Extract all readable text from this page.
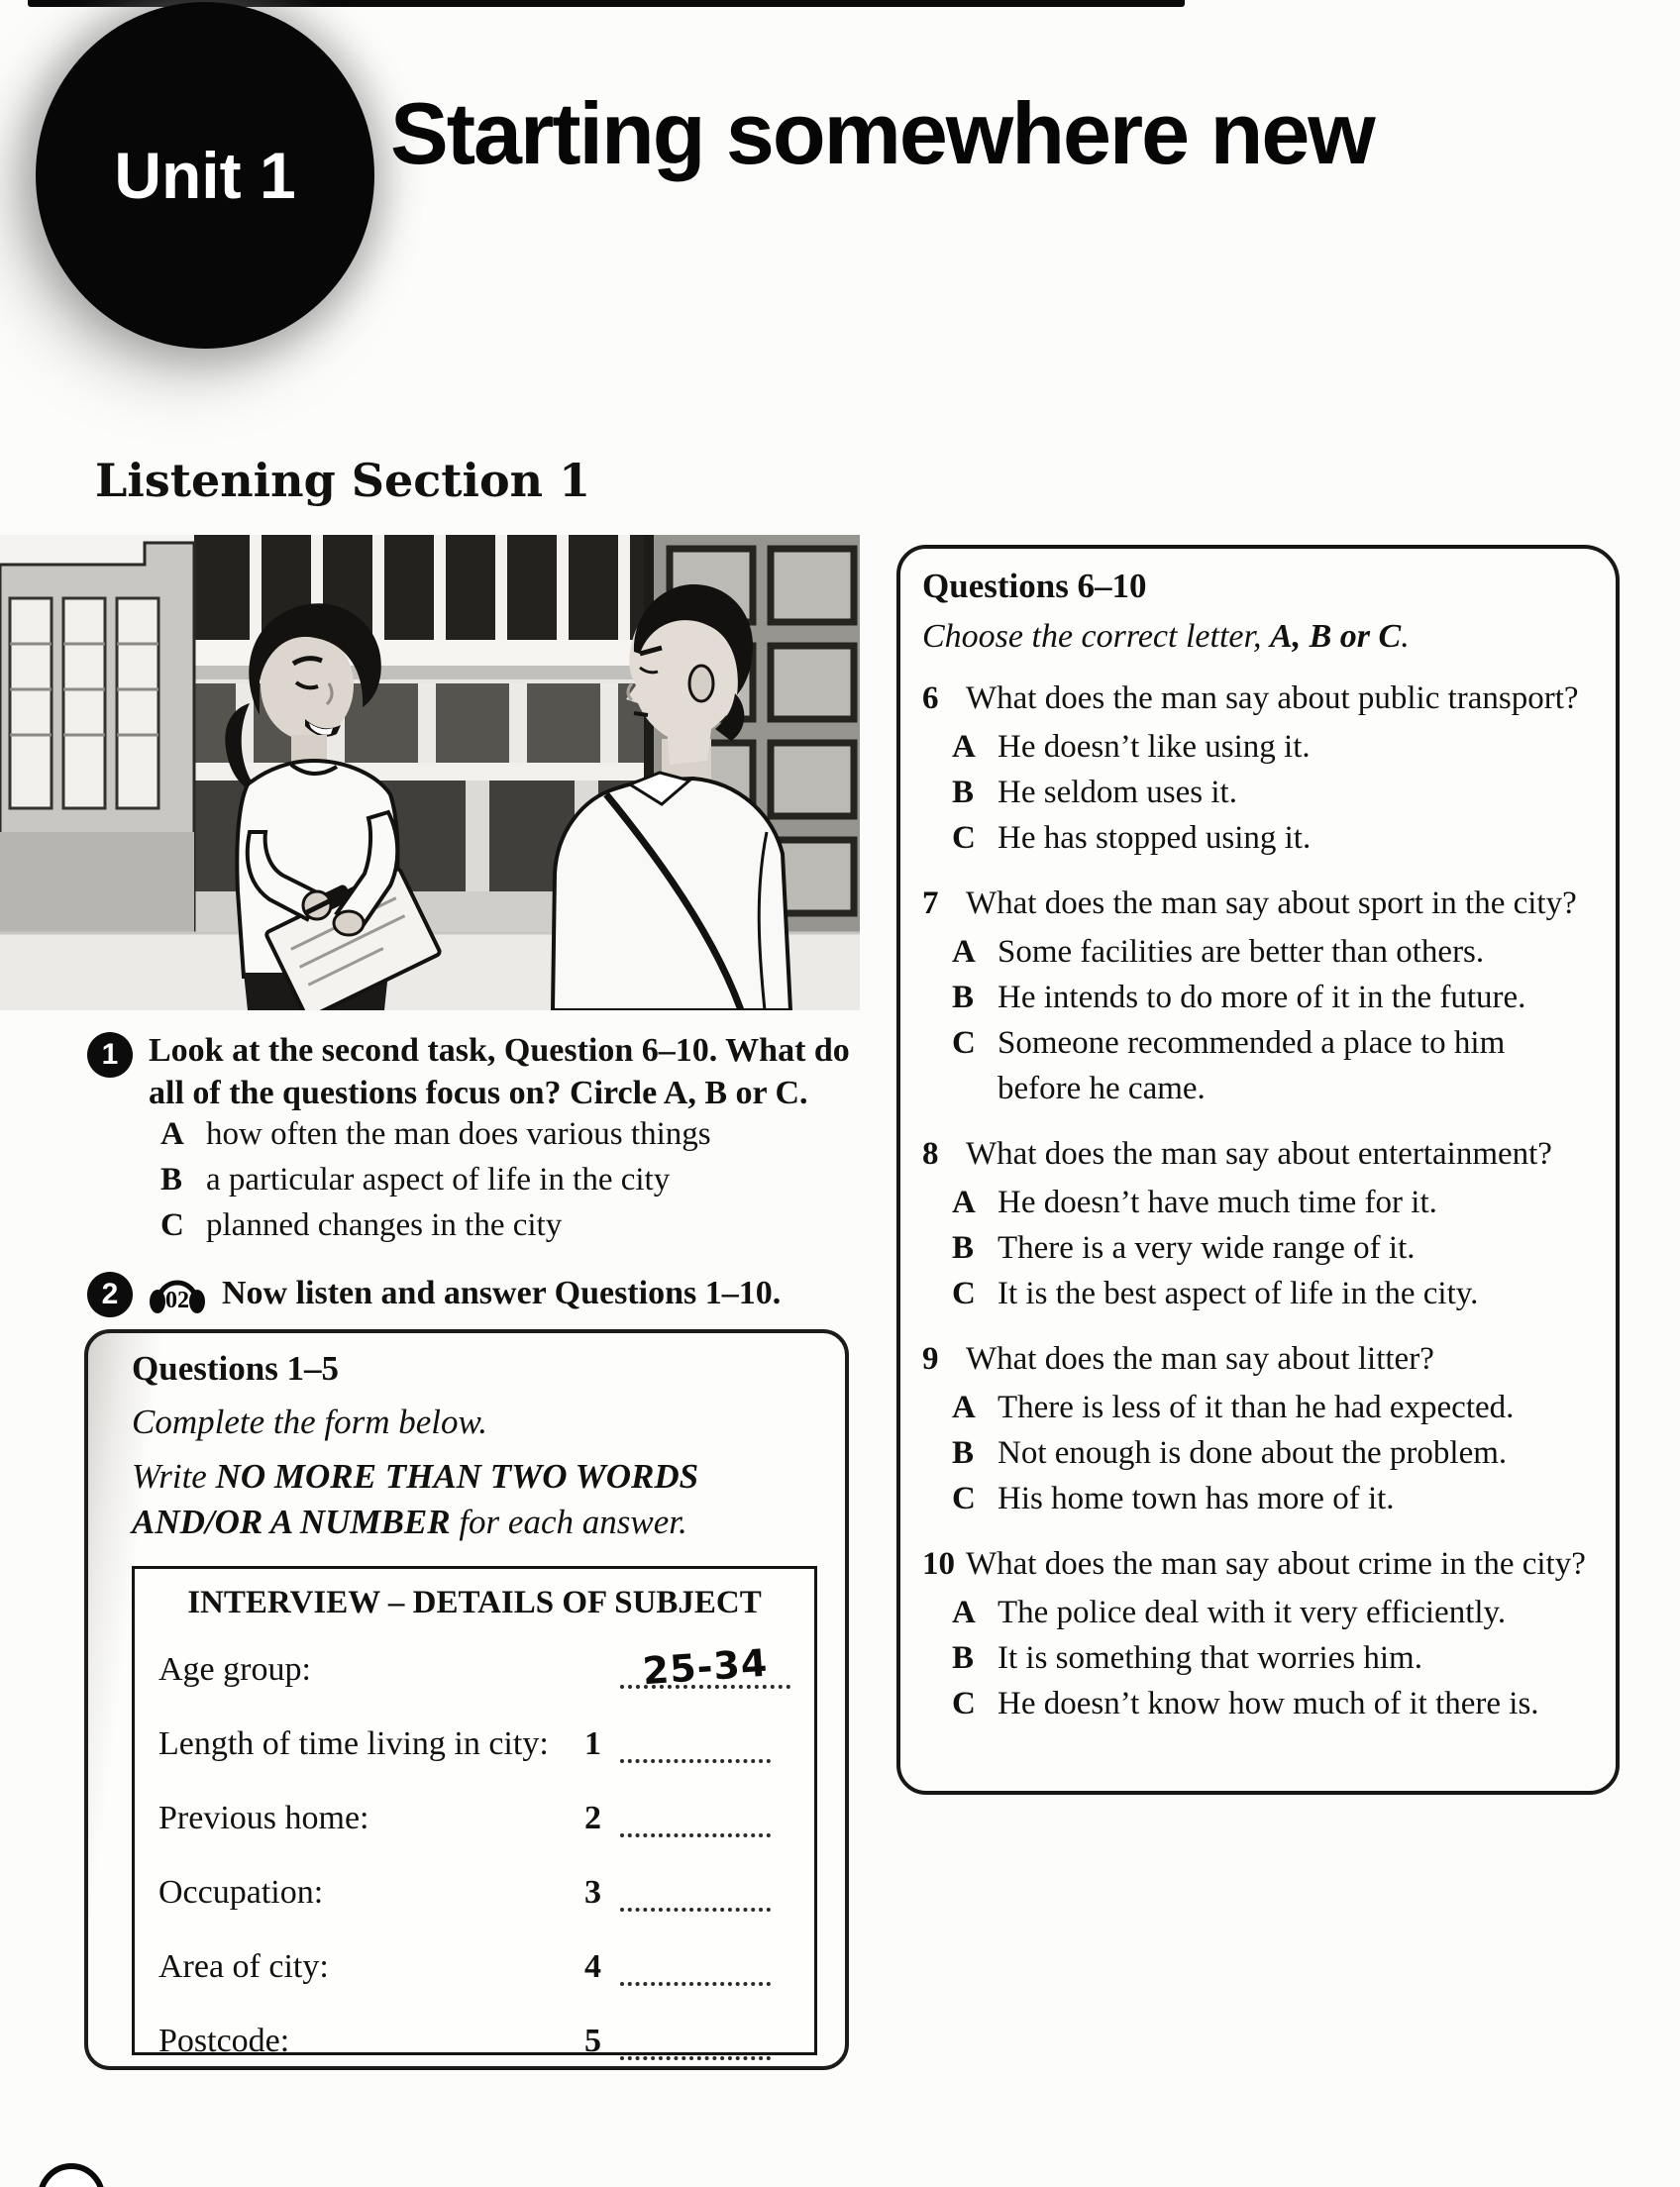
Unit 1 Starting somewhere new
Listening Section 1
1 Look at the second task, Question 6–10. What do all of the questions focus on? Circle A, B or C.

A how often the man does various things
B a particular aspect of life in the city
C planned changes in the city
2	02 Now listen and answer Questions 1–10.

Questions 1–5

Complete the form below.

Write NO MORE THAN TWO WORDS AND/OR A NUMBER for each answer.

INTERVIEW – DETAILS OF SUBJECT
Age group:	25-34
Length of time living in city:	1
Previous home:	2
Occupation:	3
Area of city:	4
Postcode:	5
Questions 6–10

Choose the correct letter, A, B or C.

6 What does the man say about public transport?
A He doesn’t like using it.
B He seldom uses it.
C He has stopped using it.
7 What does the man say about sport in the city?
A Some facilities are better than others.
B He intends to do more of it in the future.
C Someone recommended a place to him before he came.
8 What does the man say about entertainment?
A He doesn’t have much time for it.
B There is a very wide range of it.
C It is the best aspect of life in the city.
9 What does the man say about litter?
A There is less of it than he had expected.
B Not enough is done about the problem.
C His home town has more of it.
10 What does the man say about crime in the city?
A The police deal with it very efficiently.
B It is something that worries him.
C He doesn’t know how much of it there is.
